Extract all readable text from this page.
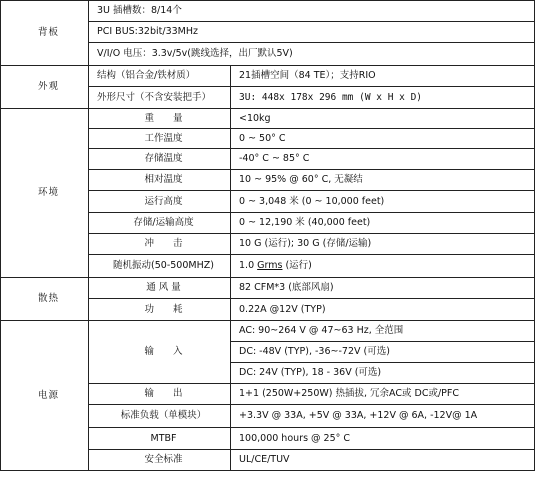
背板	3U 插槽数：8/14个	
	PCI BUS:32bit/33MHz	
	V/I/O 电压：3.3v/5v(跳线选择，出厂默认5V)	
外观	结构（铝合金/铁材质）	21插槽空间（84 TE）；支持RIO
	外形尺寸（不含安装把手）	3U: 448x 178x 296 mm (W x H x D)
环境	重　　量	<10kg
	工作温度	0 ~ 50° C
	存储温度	-40° C ~ 85° C
	相对温度	10 ~ 95% @ 60° C, 无凝结
	运行高度	0 ~ 3,048 米 (0 ~ 10,000 feet)
	存储/运输高度	0 ~ 12,190 米 (40,000 feet)
	冲　　击	10 G (运行); 30 G (存储/运输)
	随机振动(50-500MHZ)	1.0 Grms (运行)
散热	通 风 量	82 CFM*3 (底部风扇)
	功　　耗	0.22A @12V (TYP)
电源	输　　入	AC: 90~264 V @ 47~63 Hz, 全范围
		DC: -48V (TYP), -36~-72V (可选)
		DC: 24V (TYP), 18 - 36V (可选)
	输　　出	1+1 (250W+250W) 热插拔, 冗余AC或 DC或/PFC
	标准负载（单模块）	+3.3V @ 33A, +5V @ 33A, +12V @ 6A, -12V@ 1A
	MTBF	100,000 hours @ 25° C
	安全标准	UL/CE/TUV
